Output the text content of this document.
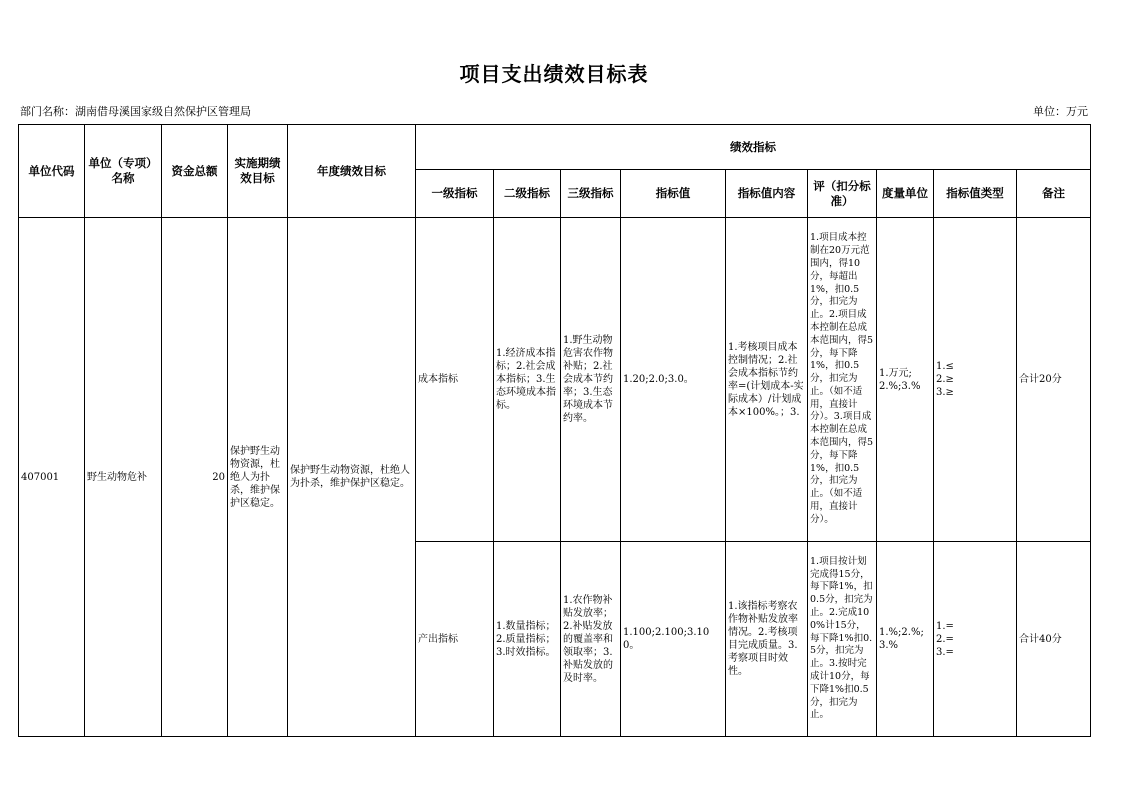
项目支出绩效目标表
部门名称：湖南借母溪国家级自然保护区管理局	单位：万元
单位代码	单位（专项）名称	资金总额	实施期绩效目标	年度绩效目标	绩效指标								
					一级指标	二级指标	三级指标	指标值	指标值内容	评（扣分标准）	度量单位	指标值类型	备注
407001	野生动物危补	20	保护野生动物资源，杜绝人为扑杀，维护保护区稳定。	保护野生动物资源，杜绝人为扑杀，维护保护区稳定。	成本指标	1.经济成本指标；2.社会成本指标；3.生态环境成本指标。	1.野生动物危害农作物补贴；2.社会成本节约率；3.生态环境成本节约率。	1.20;2.0;3.0。	1.考核项目成本控制情况；2.社会成本指标节约率=(计划成本-实际成本）/计划成本×100%。；3.	1.项目成本控制在20万元范围内，得10分，每超出1%，扣0.5分，扣完为止。2.项目成本控制在总成本范围内，得5分，每下降1%，扣0.5分，扣完为止。（如不适用，直接计分）。3.项目成本控制在总成本范围内，得5分，每下降1%，扣0.5分，扣完为止。（如不适用，直接计分）。	1.万元;2.%;3.%	1.≤
2.≥
3.≥	合计20分
					产出指标	1.数量指标；2.质量指标；3.时效指标。	1.农作物补贴发放率；2.补贴发放的覆盖率和领取率；3.补贴发放的及时率。	1.100;2.100;3.100。	1.该指标考察农作物补贴发放率情况。2.考核项目完成质量。3.考察项目时效性。	1.项目按计划完成得15分，每下降1%，扣0.5分，扣完为止。2.完成100%计15分，每下降1%扣0.5分，扣完为止。3.按时完成计10分，每下降1%扣0.5分，扣完为止。	1.%;2.%;3.%	1.=
2.=
3.=	合计40分
